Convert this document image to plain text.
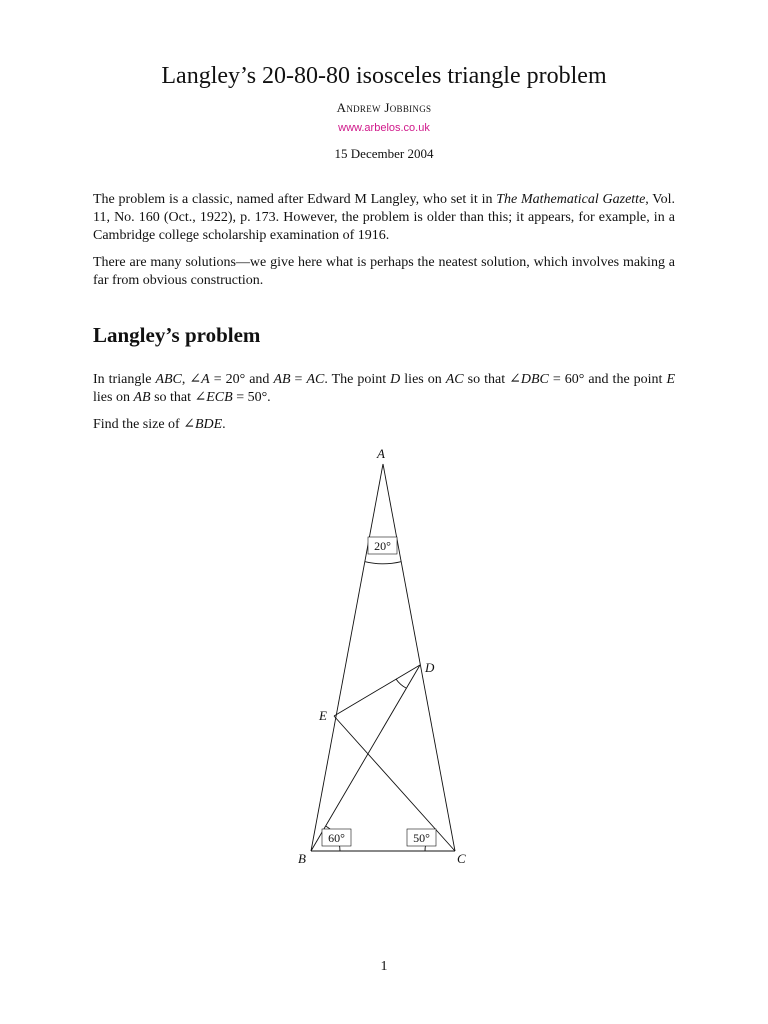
Langley’s 20-80-80 isosceles triangle problem
Andrew Jobbings
www.arbelos.co.uk
15 December 2004

The problem is a classic, named after Edward M Langley, who set it in The Mathematical Gazette, Vol. 11, No. 160 (Oct., 1922), p. 173. However, the problem is older than this; it appears, for example, in a Cambridge college scholarship examination of 1916.

There are many solutions—we give here what is perhaps the neatest solution, which involves making a far from obvious construction.

Langley’s problem

In triangle ABC, ∠A = 20° and AB = AC. The point D lies on AC so that ∠DBC = 60° and the point E lies on AB so that ∠ECB = 50°.

Find the size of ∠BDE.

A
B	C
D
E
20°
60°	50°
1
